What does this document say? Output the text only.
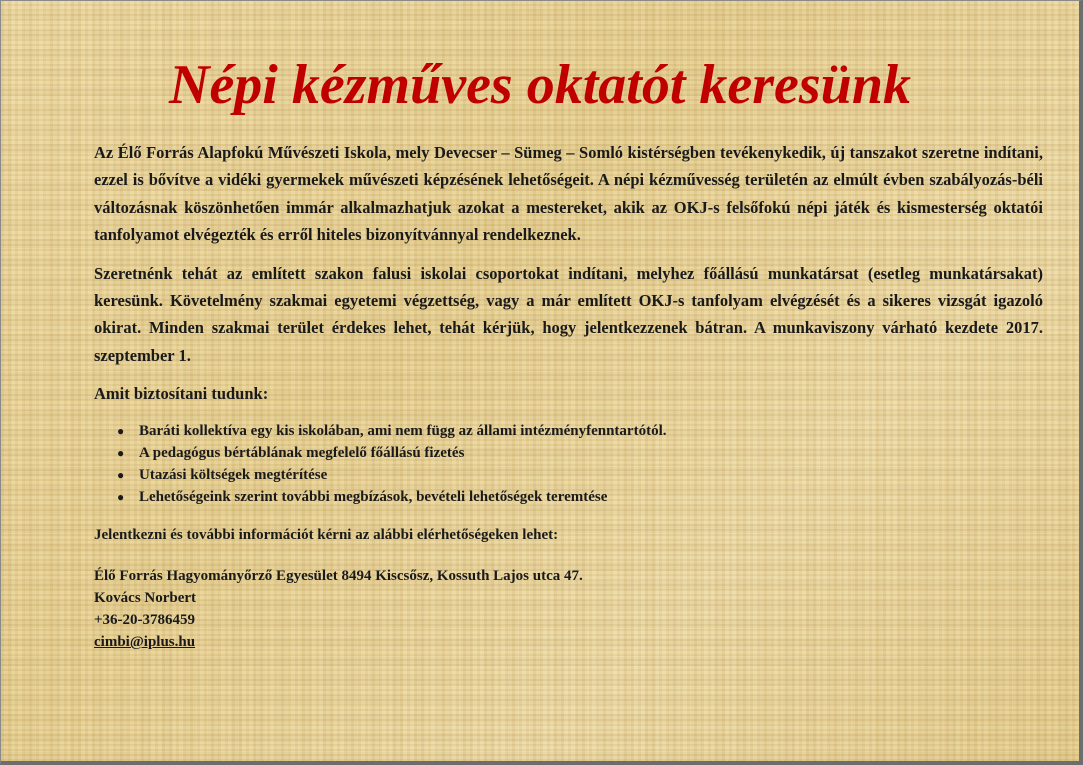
Népi kézműves oktatót keresünk

Az Élő Forrás Alapfokú Művészeti Iskola, mely Devecser – Sümeg – Somló kistérségben tevékenykedik, új tanszakot szeretne indítani, ezzel is bővítve a vidéki gyermekek művészeti képzésének lehetőségeit. A népi kézművesség területén az elmúlt évben szabályozás-béli változásnak köszönhetően immár alkalmazhatjuk azokat a mestereket, akik az OKJ-s felsőfokú népi játék és kismesterség oktatói tanfolyamot elvégezték és erről hiteles bizonyítvánnyal rendelkeznek.

Szeretnénk tehát az említett szakon falusi iskolai csoportokat indítani, melyhez főállású munkatársat (esetleg munkatársakat) keresünk. Követelmény szakmai egyetemi végzettség, vagy a már említett OKJ-s tanfolyam elvégzését és a sikeres vizsgát igazoló okirat. Minden szakmai terület érdekes lehet, tehát kérjük, hogy jelentkezzenek bátran. A munkaviszony várható kezdete 2017. szeptember 1.

Amit biztosítani tudunk:

● Baráti kollektíva egy kis iskolában, ami nem függ az állami intézményfenntartótól.
● A pedagógus bértáblának megfelelő főállású fizetés
● Utazási költségek megtérítése
● Lehetőségeink szerint további megbízások, bevételi lehetőségek teremtése

Jelentkezni és további információt kérni az alábbi elérhetőségeken lehet:

Élő Forrás Hagyományőrző Egyesület 8494 Kiscsősz, Kossuth Lajos utca 47.
Kovács Norbert
+36-20-3786459
cimbi@iplus.hu
